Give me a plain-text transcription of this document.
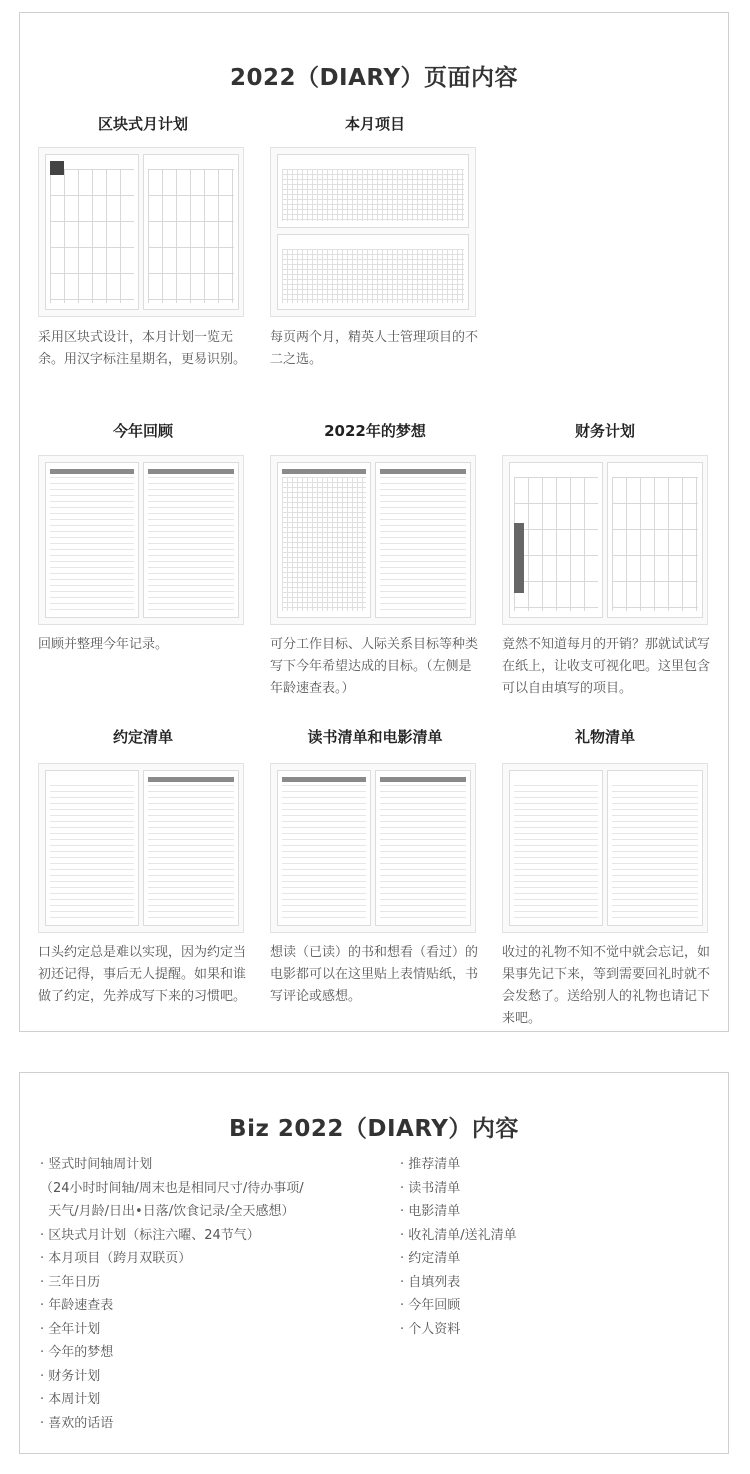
2022（DIARY）页面内容
区块式月计划
采用区块式设计，本月计划一览无余。用汉字标注星期名，更易识别。
本月项目
每页两个月，精英人士管理项目的不二之选。
今年回顾
回顾并整理今年记录。
2022年的梦想
可分工作目标、人际关系目标等种类写下今年希望达成的目标。（左侧是年龄速查表。）
财务计划
竟然不知道每月的开销？那就试试写在纸上，让收支可视化吧。这里包含可以自由填写的项目。
约定清单
口头约定总是难以实现，因为约定当初还记得，事后无人提醒。如果和谁做了约定，先养成写下来的习惯吧。
读书清单和电影清单
想读（已读）的书和想看（看过）的电影都可以在这里贴上表情贴纸，书写评论或感想。
礼物清单
收过的礼物不知不觉中就会忘记，如果事先记下来，等到需要回礼时就不会发愁了。送给别人的礼物也请记下来吧。
Biz 2022（DIARY）内容
· 竖式时间轴周计划
（24小时时间轴/周末也是相同尺寸/待办事项/
天气/月龄/日出•日落/饮食记录/全天感想）
· 区块式月计划（标注六曜、24节气）
· 本月项目（跨月双联页）
· 三年日历
· 年龄速查表
· 全年计划
· 今年的梦想
· 财务计划
· 本周计划
· 喜欢的话语
· 推荐清单
· 读书清单
· 电影清单
· 收礼清单/送礼清单
· 约定清单
· 自填列表
· 今年回顾
· 个人资料
